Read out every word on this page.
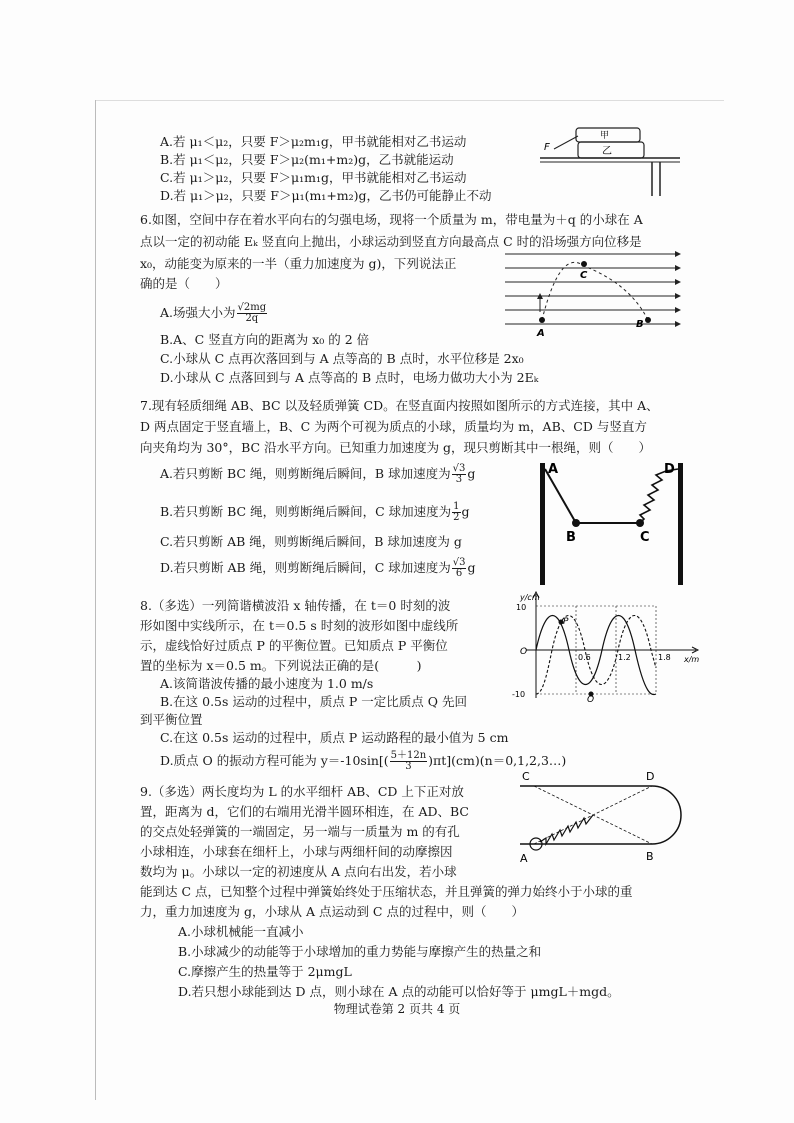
A.若 μ₁＜μ₂，只要 F＞μ₂m₁g，甲书就能相对乙书运动
B.若 μ₁＜μ₂，只要 F＞μ₂(m₁+m₂)g，乙书就能运动
C.若 μ₁＞μ₂，只要 F＞μ₁m₁g，甲书就能相对乙书运动
D.若 μ₁＞μ₂，只要 F＞μ₁(m₁+m₂)g，乙书仍可能静止不动
甲
乙
F
6.如图，空间中存在着水平向右的匀强电场，现将一个质量为 m，带电量为＋q 的小球在 A
点以一定的初动能 Eₖ 竖直向上抛出，小球运动到竖直方向最高点 C 时的沿场强方向位移是
x₀，动能变为原来的一半（重力加速度为 g)，下列说法正
确的是（　　）
A.场强大小为 $\frac{√2mg}{2q}$
B.A、C 竖直方向的距离为 x₀ 的 2 倍
C.小球从 C 点再次落回到与 A 点等高的 B 点时，水平位移是 2x₀
D.小球从 C 点落回到与 A 点等高的 B 点时，电场力做功大小为 2Eₖ
A
B
C
7.现有轻质细绳 AB、BC 以及轻质弹簧 CD。在竖直面内按照如图所示的方式连接，其中 A、
D 两点固定于竖直墙上，B、C 为两个可视为质点的小球，质量均为 m，AB、CD 与竖直方
向夹角均为 30°，BC 沿水平方向。已知重力加速度为 g，现只剪断其中一根绳，则（　　）
A.若只剪断 BC 绳，则剪断绳后瞬间，B 球加速度为 $\frac{√3}{3}$ g
B.若只剪断 BC 绳，则剪断绳后瞬间，C 球加速度为 $\frac{1}{2}$ g
C.若只剪断 AB 绳，则剪断绳后瞬间，B 球加速度为 g
D.若只剪断 AB 绳，则剪断绳后瞬间，C 球加速度为 $\frac{√3}{6}$ g
A
B	C
D
8.（多选）一列简谐横波沿 x 轴传播，在 t＝0 时刻的波
形如图中实线所示，在 t＝0.5 s 时刻的波形如图中虚线所
示，虚线恰好过质点 P 的平衡位置。已知质点 P 平衡位
置的坐标为 x＝0.5 m。下列说法正确的是(　　　)
A.该简谐波传播的最小速度为 1.0 m/s
B.在这 0.5s 运动的过程中，质点 P 一定比质点 Q 先回
到平衡位置
C.在这 0.5s 运动的过程中，质点 P 运动路程的最小值为 5 cm
D.质点 O 的振动方程可能为 $y=-10\sin[( \frac{5+12n}{3}$ )πt](cm)(n＝0,1,2,3…)
y/cm
x/m
10
-10
O
0.6	1.2	1.8
P
Q
9.（多选）两长度均为 L 的水平细杆 AB、CD 上下正对放
置，距离为 d，它们的右端用光滑半圆环相连，在 AD、BC
的交点处轻弹簧的一端固定，另一端与一质量为 m 的有孔
小球相连，小球套在细杆上，小球与两细杆间的动摩擦因
数均为 μ。小球以一定的初速度从 A 点向右出发，若小球
能到达 C 点，已知整个过程中弹簧始终处于压缩状态，并且弹簧的弹力始终小于小球的重
力，重力加速度为 g，小球从 A 点运动到 C 点的过程中，则（　　）
A.小球机械能一直减小
B.小球减少的动能等于小球增加的重力势能与摩擦产生的热量之和
C.摩擦产生的热量等于 2μmgL
D.若只想小球能到达 D 点，则小球在 A 点的动能可以恰好等于 μmgL＋mgd。
C	D
A	B
物理试卷第 2 页共 4 页
